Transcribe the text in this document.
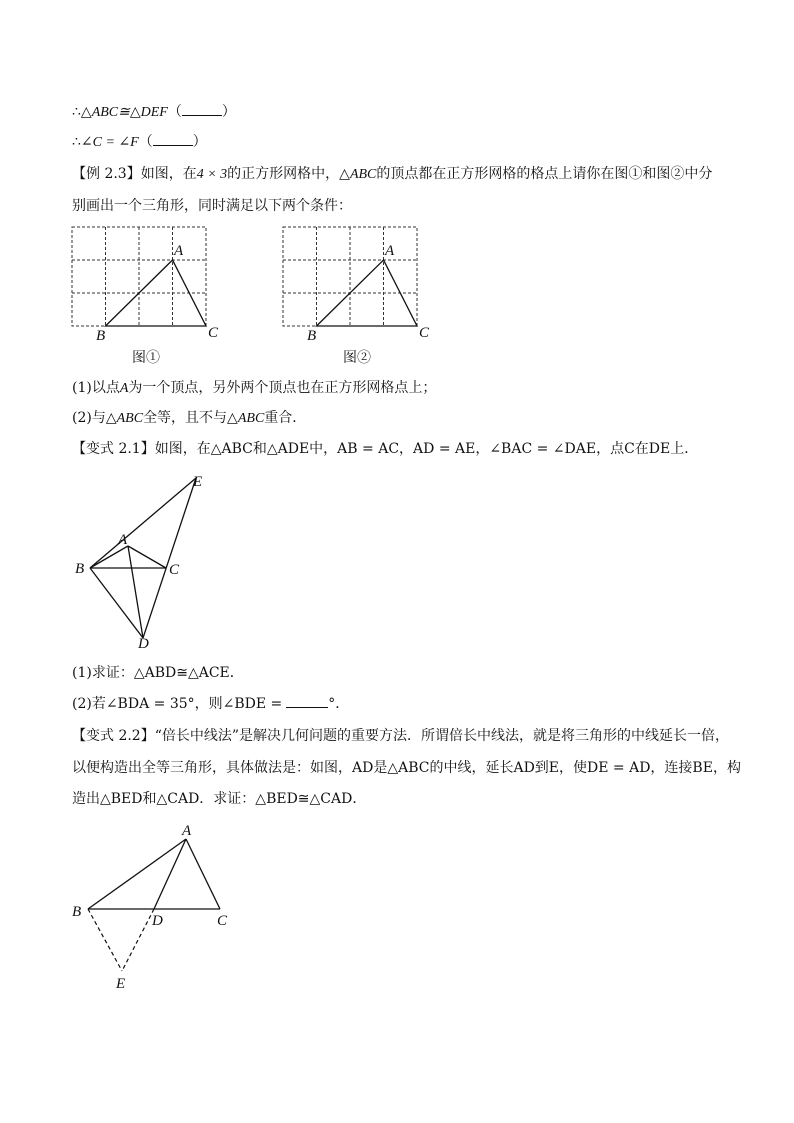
∴△ABC≅△DEF（	）
∴∠C = ∠F（	）
【例 2.3】如图，在4 × 3的正方形网格中，△ABC的顶点都在正方形网格的格点上请你在图①和图②中分
别画出一个三角形，同时满足以下两个条件：
A
B	C
图①
A
B	C
图②
(1)以点A为一个顶点，另外两个顶点也在正方形网格点上；
(2)与△ABC全等，且不与△ABC重合．
【变式 2.1】如图，在△ABC和△ADE中，AB = AC，AD = AE，∠BAC = ∠DAE，点C在DE上．
E
A
B	C
D
(1)求证：△ABD≅△ACE．
(2)若∠BDA = 35°，则∠BDE =	°．
【变式 2.2】“倍长中线法”是解决几何问题的重要方法．所谓倍长中线法，就是将三角形的中线延长一倍，
以便构造出全等三角形，具体做法是：如图，AD是△ABC的中线，延长AD到E，使DE = AD，连接BE，构
造出△BED和△CAD．求证：△BED≅△CAD．
A
B
D	C
E
